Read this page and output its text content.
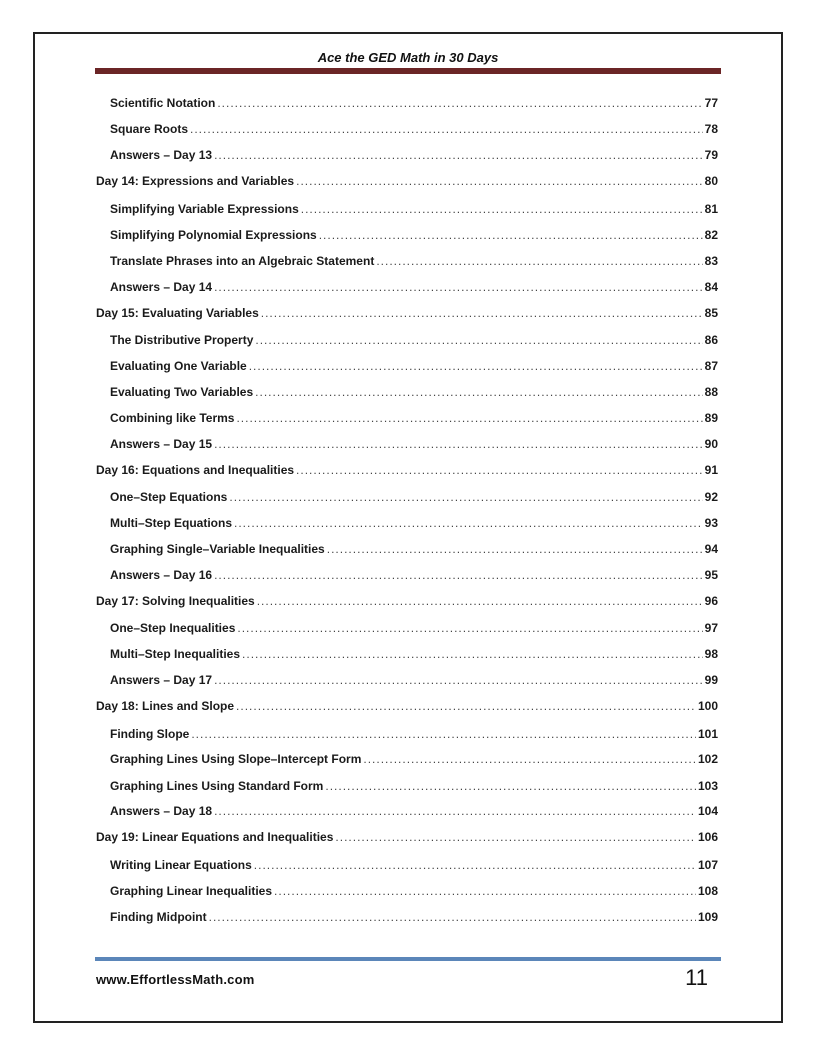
Ace the GED Math in 30 Days
Scientific Notation .....	77
Square Roots .....	78
Answers – Day 13 .....	79
Day 14: Expressions and Variables .....	80
Simplifying Variable Expressions .....	81
Simplifying Polynomial Expressions .....	82
Translate Phrases into an Algebraic Statement .....	83
Answers – Day 14 .....	84
Day 15: Evaluating Variables .....	85
The Distributive Property .....	86
Evaluating One Variable .....	87
Evaluating Two Variables .....	88
Combining like Terms .....	89
Answers – Day 15 .....	90
Day 16: Equations and Inequalities .....	91
One–Step Equations .....	92
Multi–Step Equations .....	93
Graphing Single–Variable Inequalities .....	94
Answers – Day 16 .....	95
Day 17: Solving Inequalities .....	96
One–Step Inequalities .....	97
Multi–Step Inequalities .....	98
Answers – Day 17 .....	99
Day 18: Lines and Slope .....	100
Finding Slope .....	101
Graphing Lines Using Slope–Intercept Form .....	102
Graphing Lines Using Standard Form .....	103
Answers – Day 18 .....	104
Day 19: Linear Equations and Inequalities .....	106
Writing Linear Equations .....	107
Graphing Linear Inequalities .....	108
Finding Midpoint .....	109
www.EffortlessMath.com	11
